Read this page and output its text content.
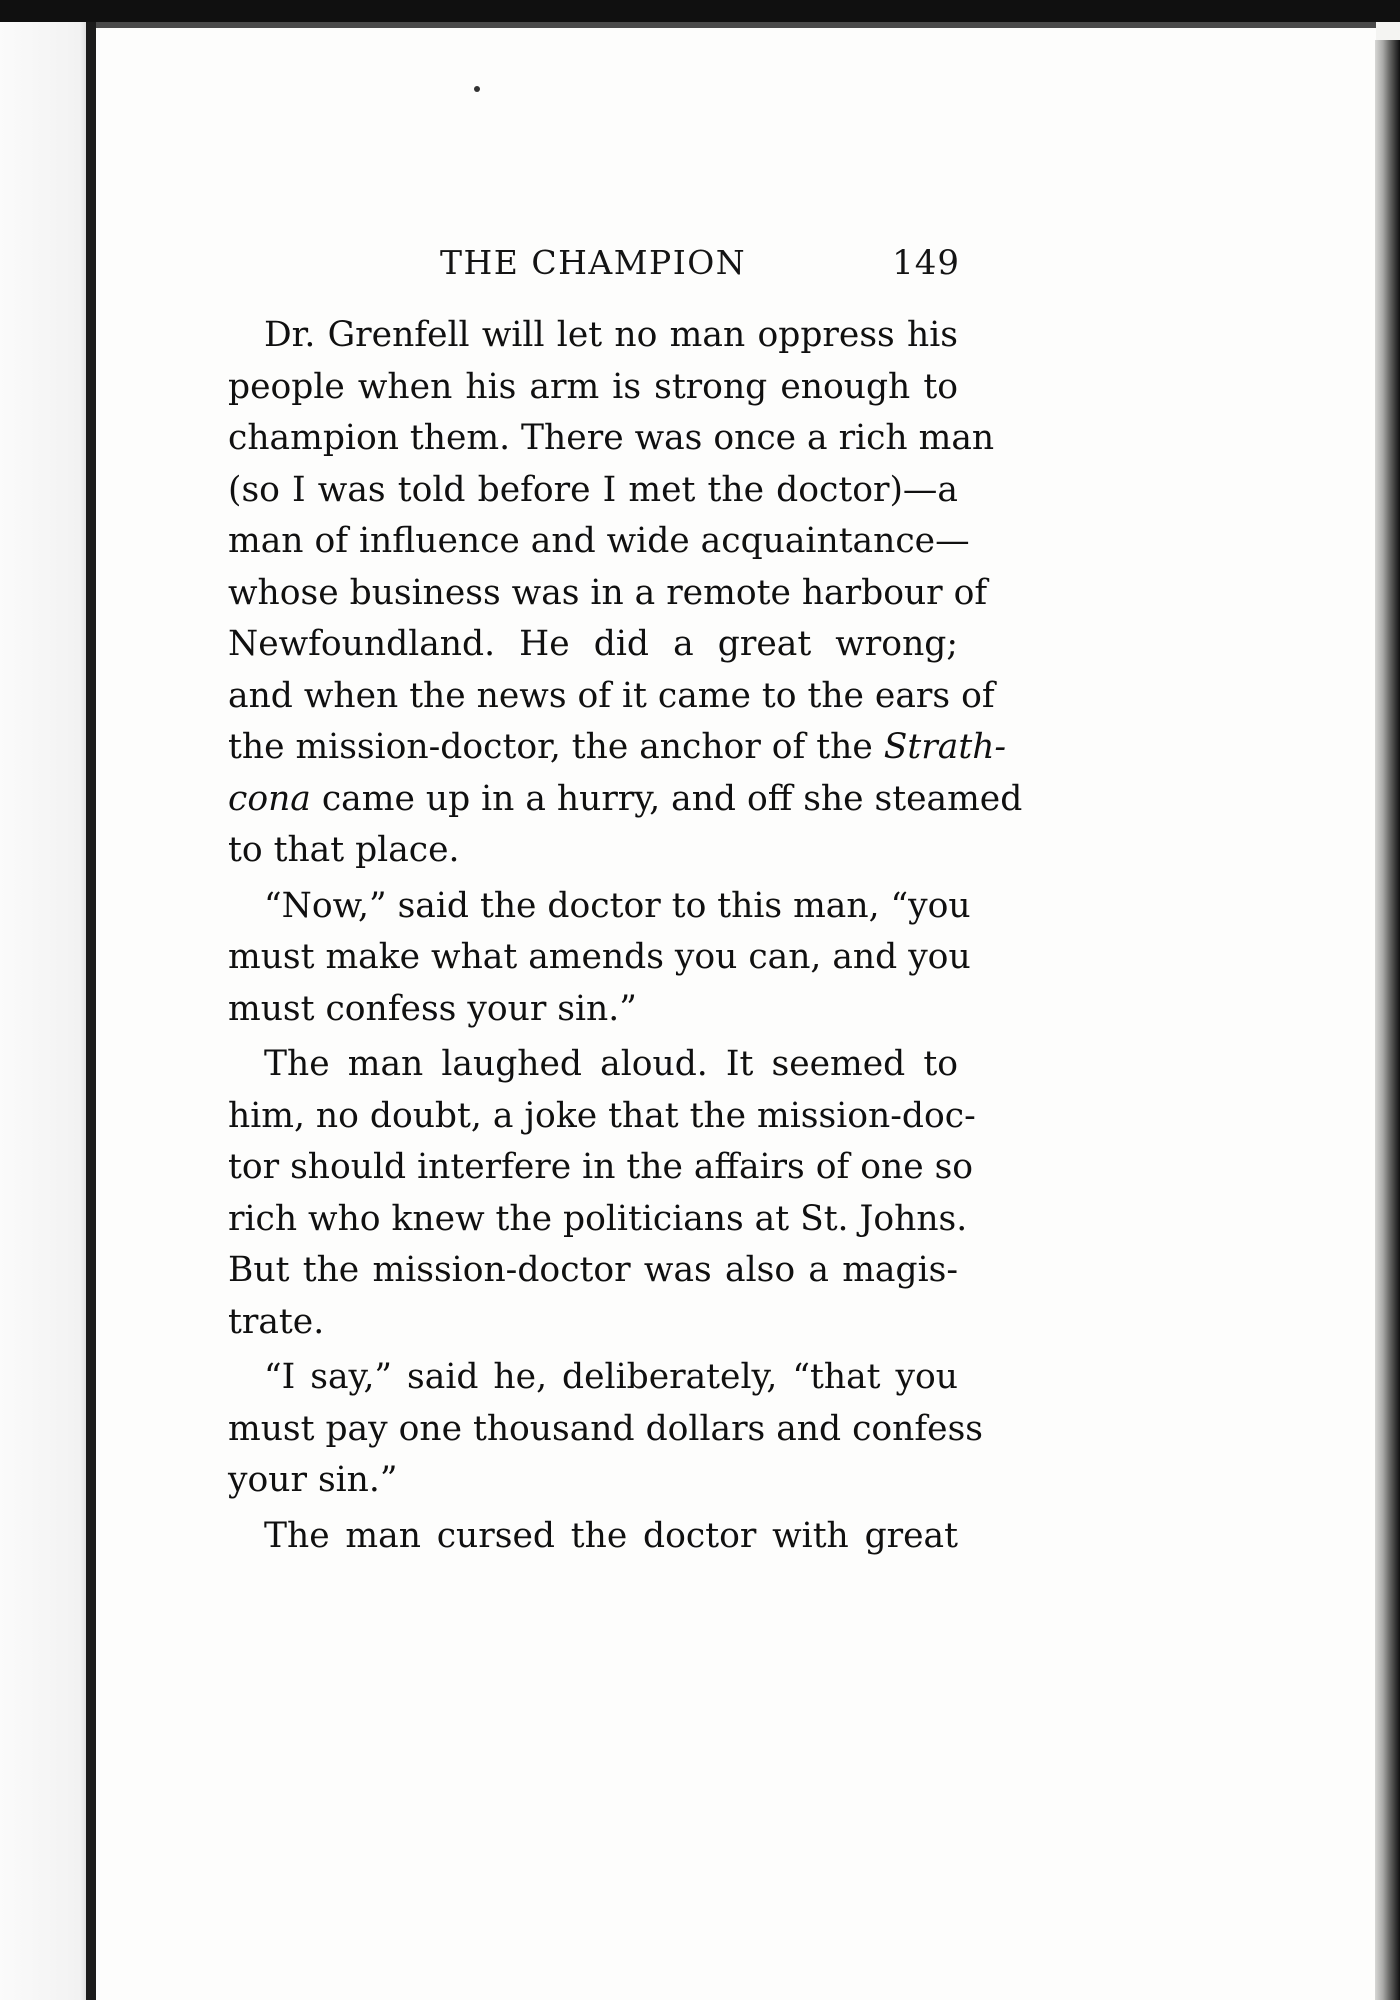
THE CHAMPION	149
Dr. Grenfell will let no man oppress his
people when his arm is strong enough to
champion them. There was once a rich man
(so I was told before I met the doctor)—a
man of influence and wide acquaintance—
whose business was in a remote harbour of
Newfoundland. He did a great wrong;
and when the news of it came to the ears of
the mission-doctor, the anchor of the Strath-
cona came up in a hurry, and off she steamed
to that place.
“Now,” said the doctor to this man, “you
must make what amends you can, and you
must confess your sin.”
The man laughed aloud. It seemed to
him, no doubt, a joke that the mission-doc-
tor should interfere in the affairs of one so
rich who knew the politicians at St. Johns.
But the mission-doctor was also a magis-
trate.
“I say,” said he, deliberately, “that you
must pay one thousand dollars and confess
your sin.”
The man cursed the doctor with great
